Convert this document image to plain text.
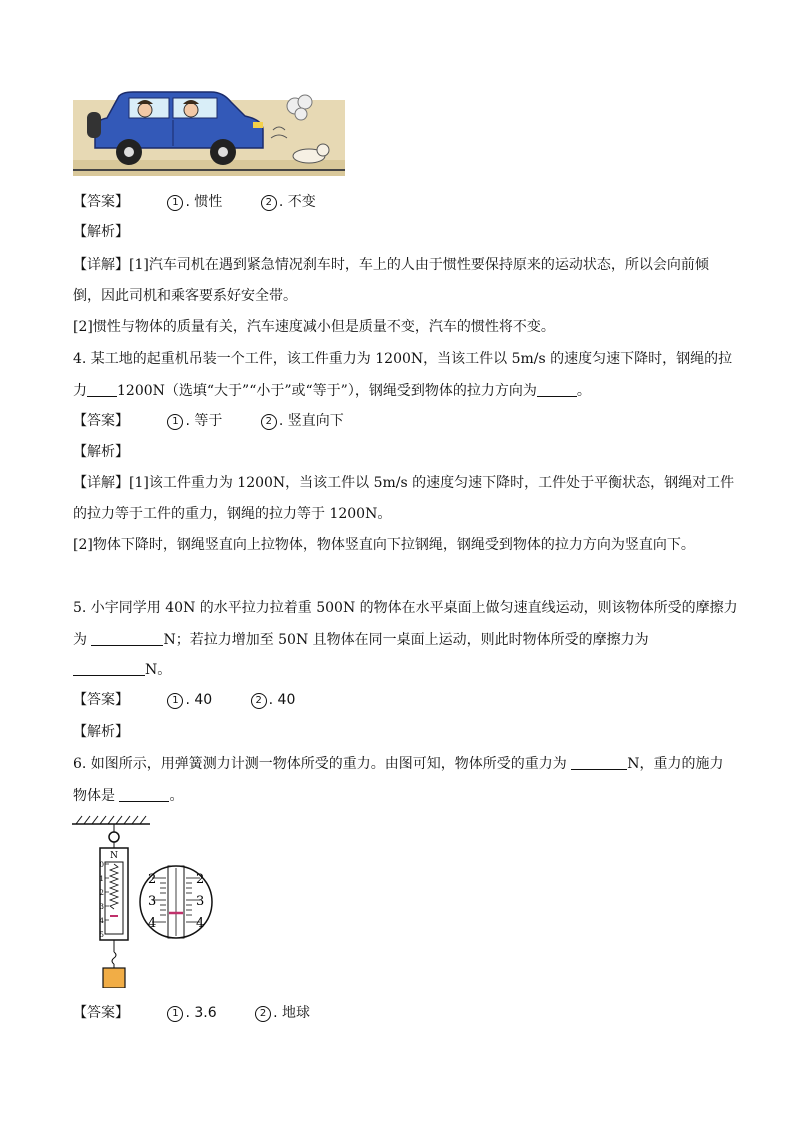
【答案】	1 . 惯性	2 . 不变
【解析】
【详解】[1]汽车司机在遇到紧急情况刹车时，车上的人由于惯性要保持原来的运动状态，所以会向前倾
倒，因此司机和乘客要系好安全带。
[2]惯性与物体的质量有关，汽车速度减小但是质量不变，汽车的惯性将不变。
4. 某工地的起重机吊装一个工件，该工件重力为 1200N，当该工件以 5m/s 的速度匀速下降时，钢绳的拉
力 1200N（选填“大于”“小于”或“等于”），钢绳受到物体的拉力方向为	。
【答案】	1 . 等于	2 . 竖直向下
【解析】
【详解】[1]该工件重力为 1200N，当该工件以 5m/s 的速度匀速下降时，工件处于平衡状态，钢绳对工件
的拉力等于工件的重力，钢绳的拉力等于 1200N。
[2]物体下降时，钢绳竖直向上拉物体，物体竖直向下拉钢绳，钢绳受到物体的拉力方向为竖直向下。
5. 小宇同学用 40N 的水平拉力拉着重 500N 的物体在水平桌面上做匀速直线运动，则该物体所受的摩擦力
为	N；若拉力增加至 50N 且物体在同一桌面上运动，则此时物体所受的摩擦力为
N。
【答案】	1 . 40	2 . 40
【解析】
6. 如图所示，用弹簧测力计测一物体所受的重力。由图可知，物体所受的重力为	N，重力的施力
物体是	。
N
0
1
2
3
4
5
2
3
4
2
3
4
【答案】	1 . 3.6	2 . 地球
